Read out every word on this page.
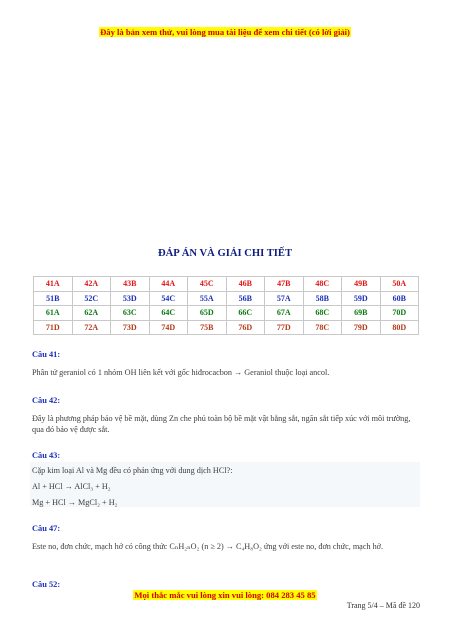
Đây là bản xem thử, vui lòng mua tài liệu để xem chi tiết (có lời giải)
ĐÁP ÁN VÀ GIẢI CHI TIẾT
41A	42A	43B	44A	45C	46B	47B	48C	49B	50A
51B	52C	53D	54C	55A	56B	57A	58B	59D	60B
61A	62A	63C	64C	65D	66C	67A	68C	69B	70D
71D	72A	73D	74D	75B	76D	77D	78C	79D	80D
Câu 41:
Phân tử geraniol có 1 nhóm OH liên kết với gốc hiđrocacbon → Geraniol thuộc loại ancol.
Câu 42:
Đây là phương pháp bảo vệ bề mặt, dùng Zn che phủ toàn bộ bề mặt vật bằng sắt, ngăn sắt tiếp xúc với môi trường, qua đó bảo vệ được sắt.
Câu 43:
Cặp kim loại Al và Mg đều có phản ứng với dung dịch HCl?:
Al + HCl → AlCl₃ + H₂
Mg + HCl → MgCl₂ + H₂
Câu 47:
Este no, đơn chức, mạch hở có công thức CₙH₂ₙO₂ (n ≥ 2) → C₄H₈O₂ ứng với este no, đơn chức, mạch hở.
Câu 52:
Mọi thắc mắc vui lòng xin vui lòng: 084 283 45 85
Trang 5/4 – Mã đề 120
